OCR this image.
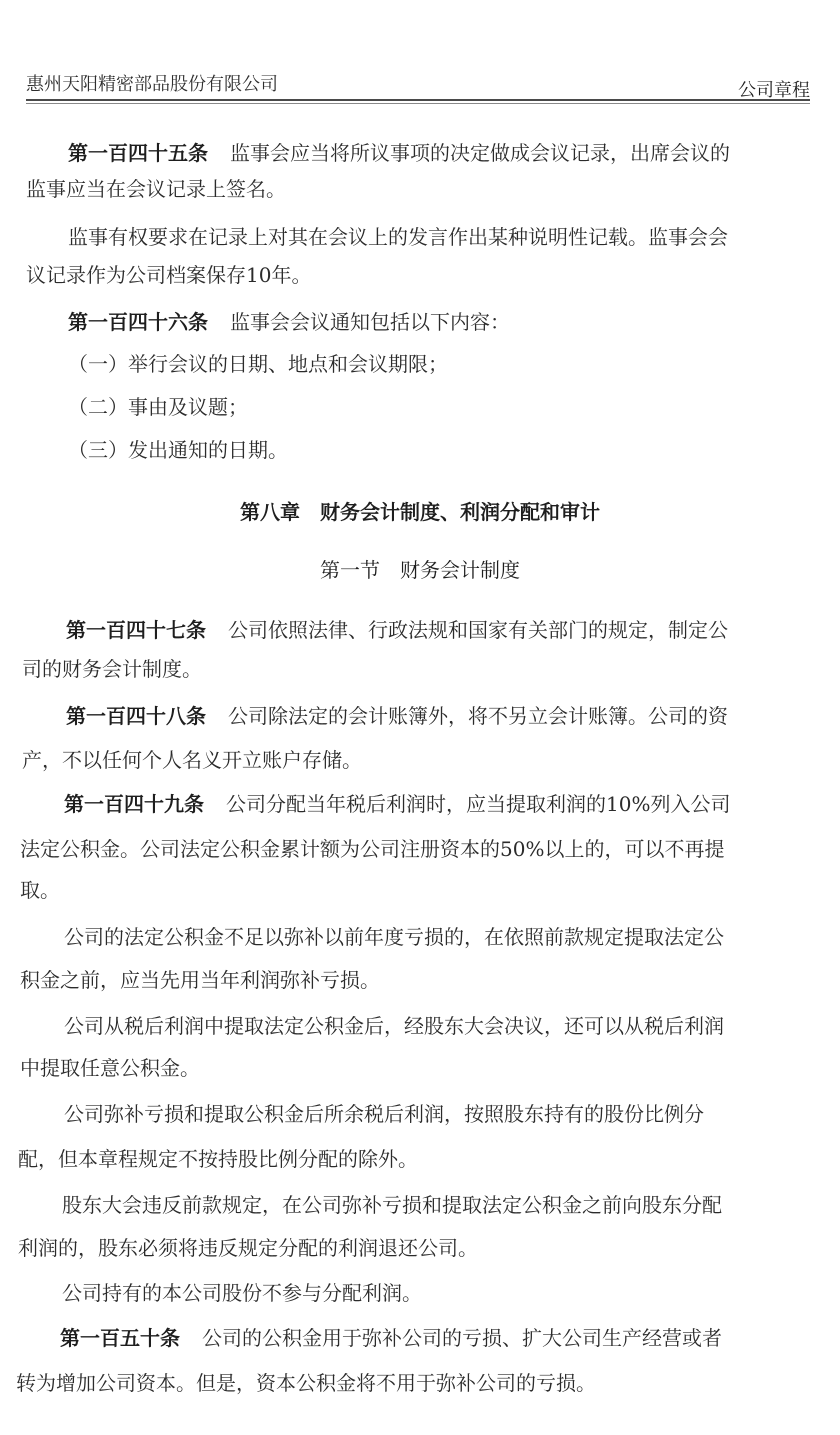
惠州天阳精密部品股份有限公司	公司章程
第一百四十五条 监事会应当将所议事项的决定做成会议记录，出席会议的
监事应当在会议记录上签名。
监事有权要求在记录上对其在会议上的发言作出某种说明性记载。监事会会
议记录作为公司档案保存10年。
第一百四十六条 监事会会议通知包括以下内容：
（一）举行会议的日期、地点和会议期限；
（二）事由及议题；
（三）发出通知的日期。
第八章　财务会计制度、利润分配和审计
第一节　财务会计制度
第一百四十七条 公司依照法律、行政法规和国家有关部门的规定，制定公
司的财务会计制度。
第一百四十八条 公司除法定的会计账簿外，将不另立会计账簿。公司的资
产，不以任何个人名义开立账户存储。
第一百四十九条 公司分配当年税后利润时，应当提取利润的10%列入公司
法定公积金。公司法定公积金累计额为公司注册资本的50%以上的，可以不再提
取。
公司的法定公积金不足以弥补以前年度亏损的，在依照前款规定提取法定公
积金之前，应当先用当年利润弥补亏损。
公司从税后利润中提取法定公积金后，经股东大会决议，还可以从税后利润
中提取任意公积金。
公司弥补亏损和提取公积金后所余税后利润，按照股东持有的股份比例分
配，但本章程规定不按持股比例分配的除外。
股东大会违反前款规定，在公司弥补亏损和提取法定公积金之前向股东分配
利润的，股东必须将违反规定分配的利润退还公司。
公司持有的本公司股份不参与分配利润。
第一百五十条 公司的公积金用于弥补公司的亏损、扩大公司生产经营或者
转为增加公司资本。但是，资本公积金将不用于弥补公司的亏损。
